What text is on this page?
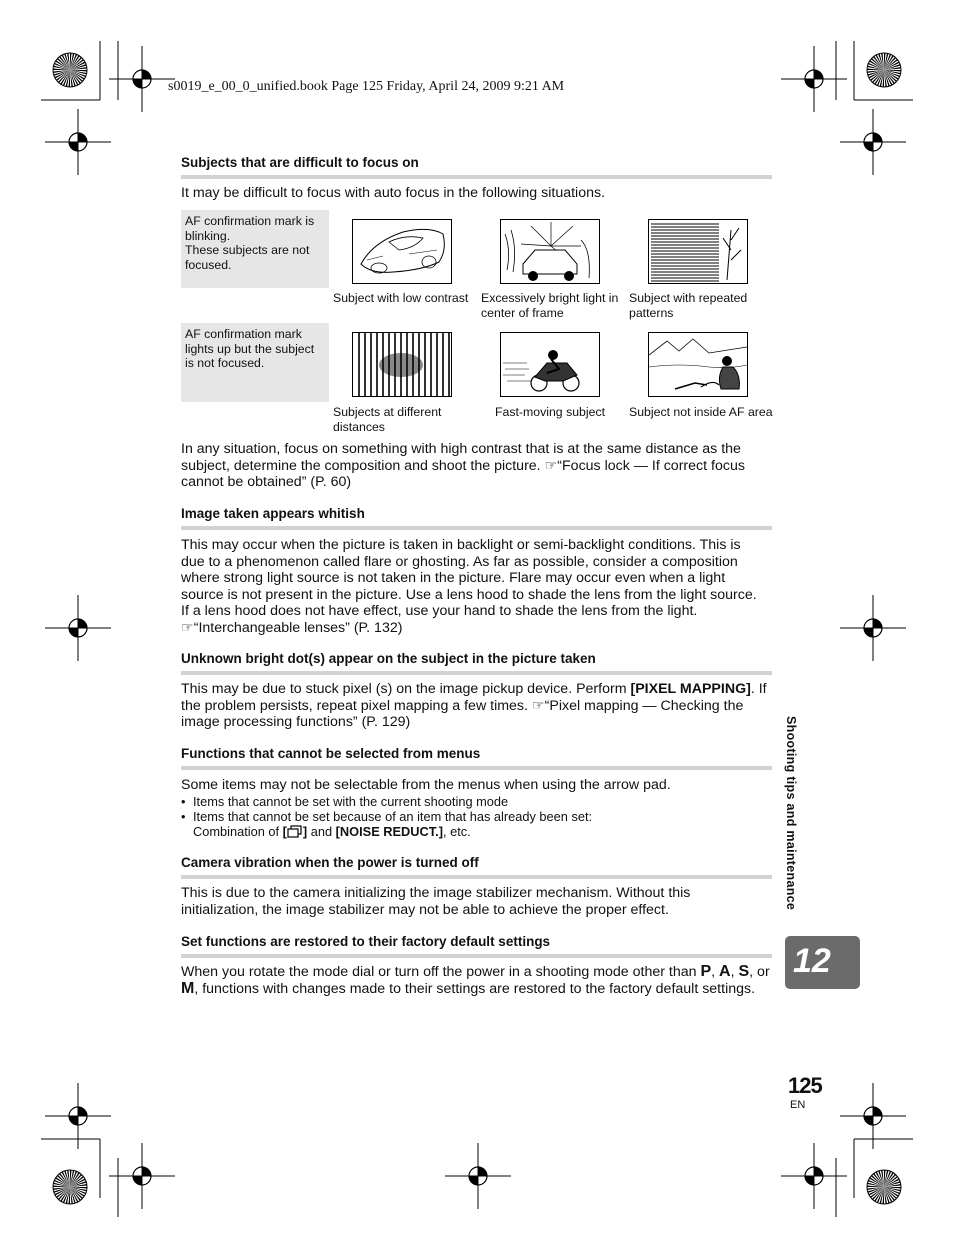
s0019_e_00_0_unified.book Page 125 Friday, April 24, 2009 9:21 AM
Subjects that are difficult to focus on
It may be difficult to focus with auto focus in the following situations.

AF confirmation mark is

blinking.

These subjects are not

focused.

AF confirmation mark

lights up but the subject

is not focused.

Subject with low contrast	Excessively bright light in
center of frame
Subject with repeated
patterns
Subjects at different
distances
Fast-moving subject	Subject not inside AF area

In any situation, focus on something with high contrast that is at the same distance as the

subject, determine the composition and shoot the picture. ☞“Focus lock — If correct focus

cannot be obtained” (P. 60)

Image taken appears whitish

This may occur when the picture is taken in backlight or semi-backlight conditions. This is

due to a phenomenon called flare or ghosting. As far as possible, consider a composition

where strong light source is not taken in the picture. Flare may occur even when a light

source is not present in the picture. Use a lens hood to shade the lens from the light source.

If a lens hood does not have effect, use your hand to shade the lens from the light.

☞“Interchangeable lenses” (P. 132)

Unknown bright dot(s) appear on the subject in the picture taken

This may be due to stuck pixel (s) on the image pickup device. Perform [PIXEL MAPPING]. If

the problem persists, repeat pixel mapping a few times. ☞“Pixel mapping — Checking the

image processing functions” (P. 129)

Functions that cannot be selected from menus
Some items may not be selectable from the menus when using the arrow pad.
• Items that cannot be set with the current shooting mode
• Items that cannot be set because of an item that has already been set:
Combination of [ ] and [NOISE REDUCT.], etc.
Camera vibration when the power is turned off

This is due to the camera initializing the image stabilizer mechanism. Without this

initialization, the image stabilizer may not be able to achieve the proper effect.

Set functions are restored to their factory default settings
When you rotate the mode dial or turn off the power in a shooting mode other than P, A, S, or M, functions with changes made to their settings are restored to the factory default settings.
Shooting tips and maintenance
12
125
EN
